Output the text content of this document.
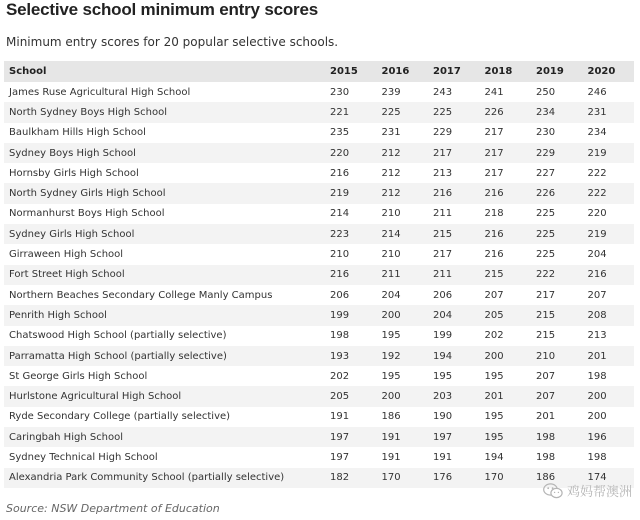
Selective school minimum entry scores
Minimum entry scores for 20 popular selective schools.
School	2015	2016	2017	2018	2019	2020
James Ruse Agricultural High School	230	239	243	241	250	246
North Sydney Boys High School	221	225	225	226	234	231
Baulkham Hills High School	235	231	229	217	230	234
Sydney Boys High School	220	212	217	217	229	219
Hornsby Girls High School	216	212	213	217	227	222
North Sydney Girls High School	219	212	216	216	226	222
Normanhurst Boys High School	214	210	211	218	225	220
Sydney Girls High School	223	214	215	216	225	219
Girraween High School	210	210	217	216	225	204
Fort Street High School	216	211	211	215	222	216
Northern Beaches Secondary College Manly Campus	206	204	206	207	217	207
Penrith High School	199	200	204	205	215	208
Chatswood High School (partially selective)	198	195	199	202	215	213
Parramatta High School (partially selective)	193	192	194	200	210	201
St George Girls High School	202	195	195	195	207	198
Hurlstone Agricultural High School	205	200	203	201	207	200
Ryde Secondary College (partially selective)	191	186	190	195	201	200
Caringbah High School	197	191	197	195	198	196
Sydney Technical High School	197	191	191	194	198	198
Alexandria Park Community School (partially selective)	182	170	176	170	186	174
Source: NSW Department of Education
鸡妈帮澳洲
